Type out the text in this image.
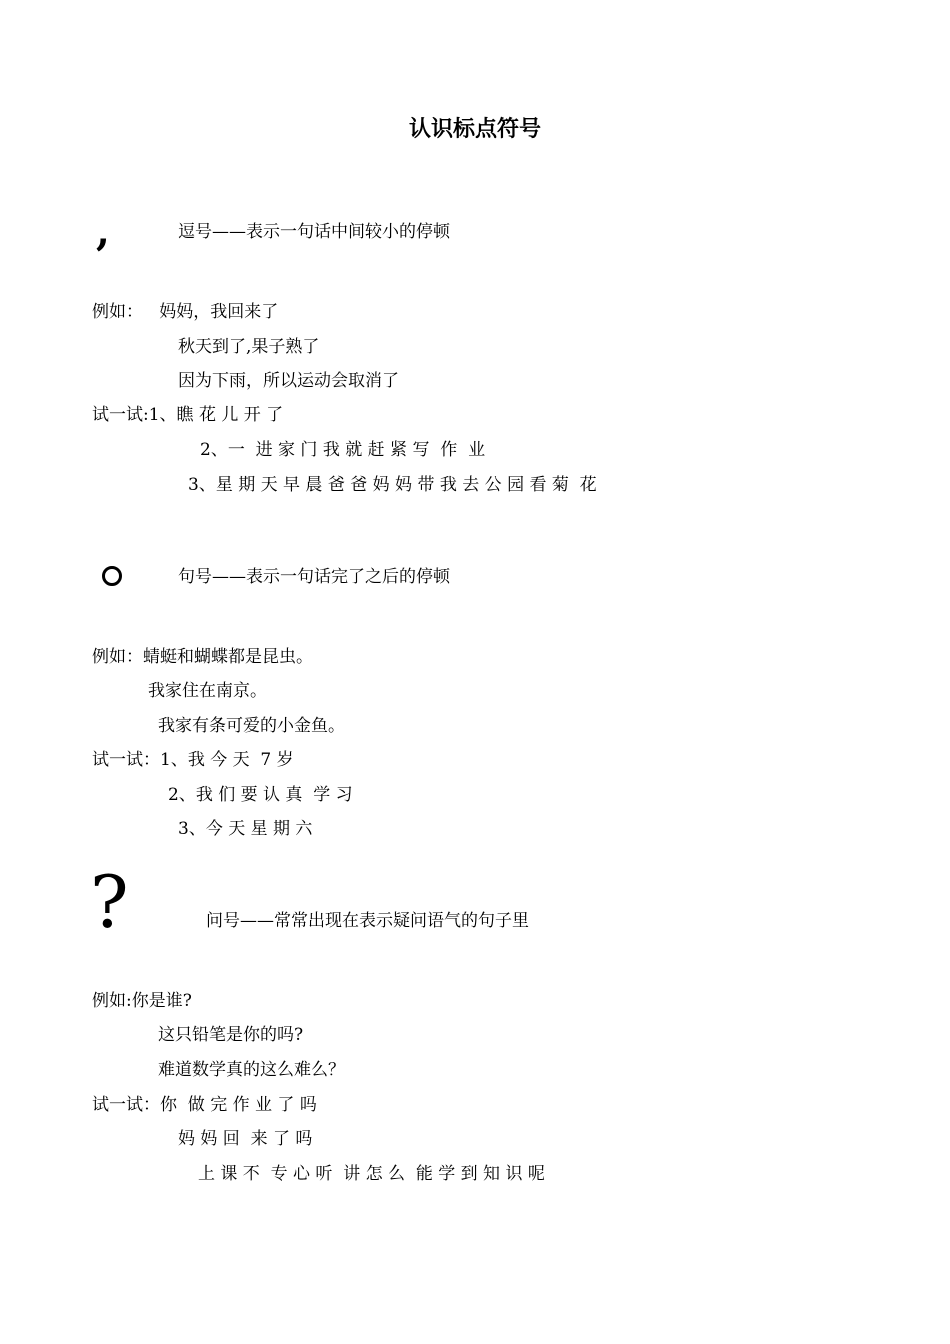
认识标点符号
,	逗号——表示一句话中间较小的停顿
例如：   妈妈，我回来了
秋天到了,果子熟了
因为下雨，所以运动会取消了
试一试:1、瞧 花 儿 开 了
2、一  进 家 门 我 就 赶 紧 写  作  业
3、星 期 天 早 晨 爸 爸 妈 妈 带 我 去 公 园 看 菊  花
句号——表示一句话完了之后的停顿
例如：蜻蜓和蝴蝶都是昆虫。
我家住在南京。
我家有条可爱的小金鱼。
试一试：1、我 今 天  7 岁
2、我 们 要 认 真  学 习
3、今 天 星 期 六
?	问号——常常出现在表示疑问语气的句子里
例如:你是谁?
这只铅笔是你的吗?
难道数学真的这么难么？
试一试：你  做 完 作 业 了 吗
妈 妈 回  来 了 吗
上 课 不  专 心 听  讲 怎 么  能 学 到 知 识 呢
